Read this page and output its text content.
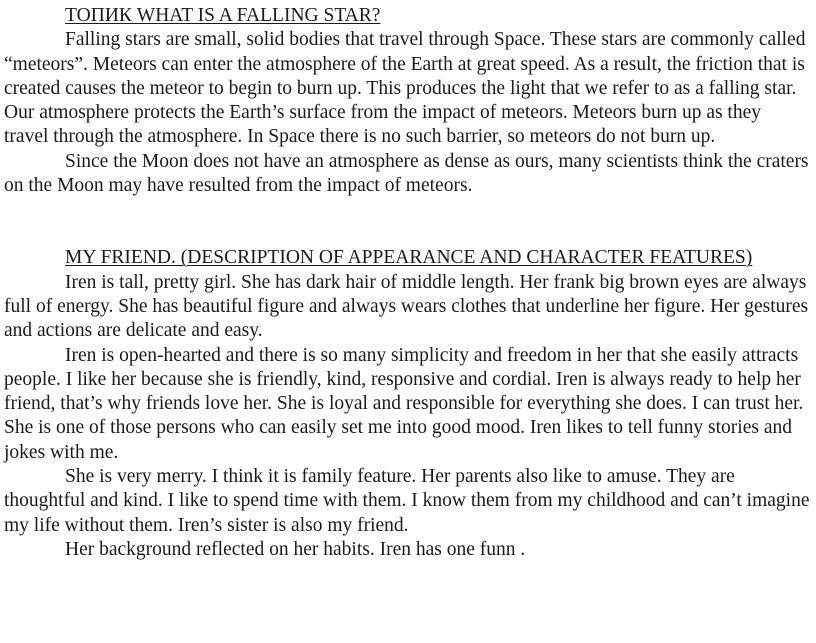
ТОПИК WHAT IS A FALLING STAR?

Falling stars are small, solid bodies that travel through Space. These stars are commonly called “meteors”. Meteors can enter the atmosphere of the Earth at great speed. As a result, the friction that is created causes the meteor to begin to burn up. This produces the light that we refer to as a falling star. Our atmosphere protects the Earth’s surface from the impact of meteors. Meteors burn up as they travel through the atmosphere. In Space there is no such barrier, so meteors do not burn up.

Since the Moon does not have an atmosphere as dense as ours, many scientists think the craters on the Moon may have resulted from the impact of meteors.

MY FRIEND. (DESCRIPTION OF APPEARANCE AND CHARACTER FEATURES)

Iren is tall, pretty girl. She has dark hair of middle length. Her frank big brown eyes are always full of energy. She has beautiful figure and always wears clothes that underline her figure. Her gestures and actions are delicate and easy.

Iren is open-hearted and there is so many simplicity and freedom in her that she easily attracts people. I like her because she is friendly, kind, responsive and cordial. Iren is always ready to help her friend, that’s why friends love her. She is loyal and responsible for everything she does. I can trust her. She is one of those persons who can easily set me into good mood. Iren likes to tell funny stories and jokes with me.

She is very merry. I think it is family feature. Her parents also like to amuse. They are thoughtful and kind. I like to spend time with them. I know them from my childhood and can’t imagine my life without them. Iren’s sister is also my friend.

Her background reflected on her habits. Iren has one funn .
